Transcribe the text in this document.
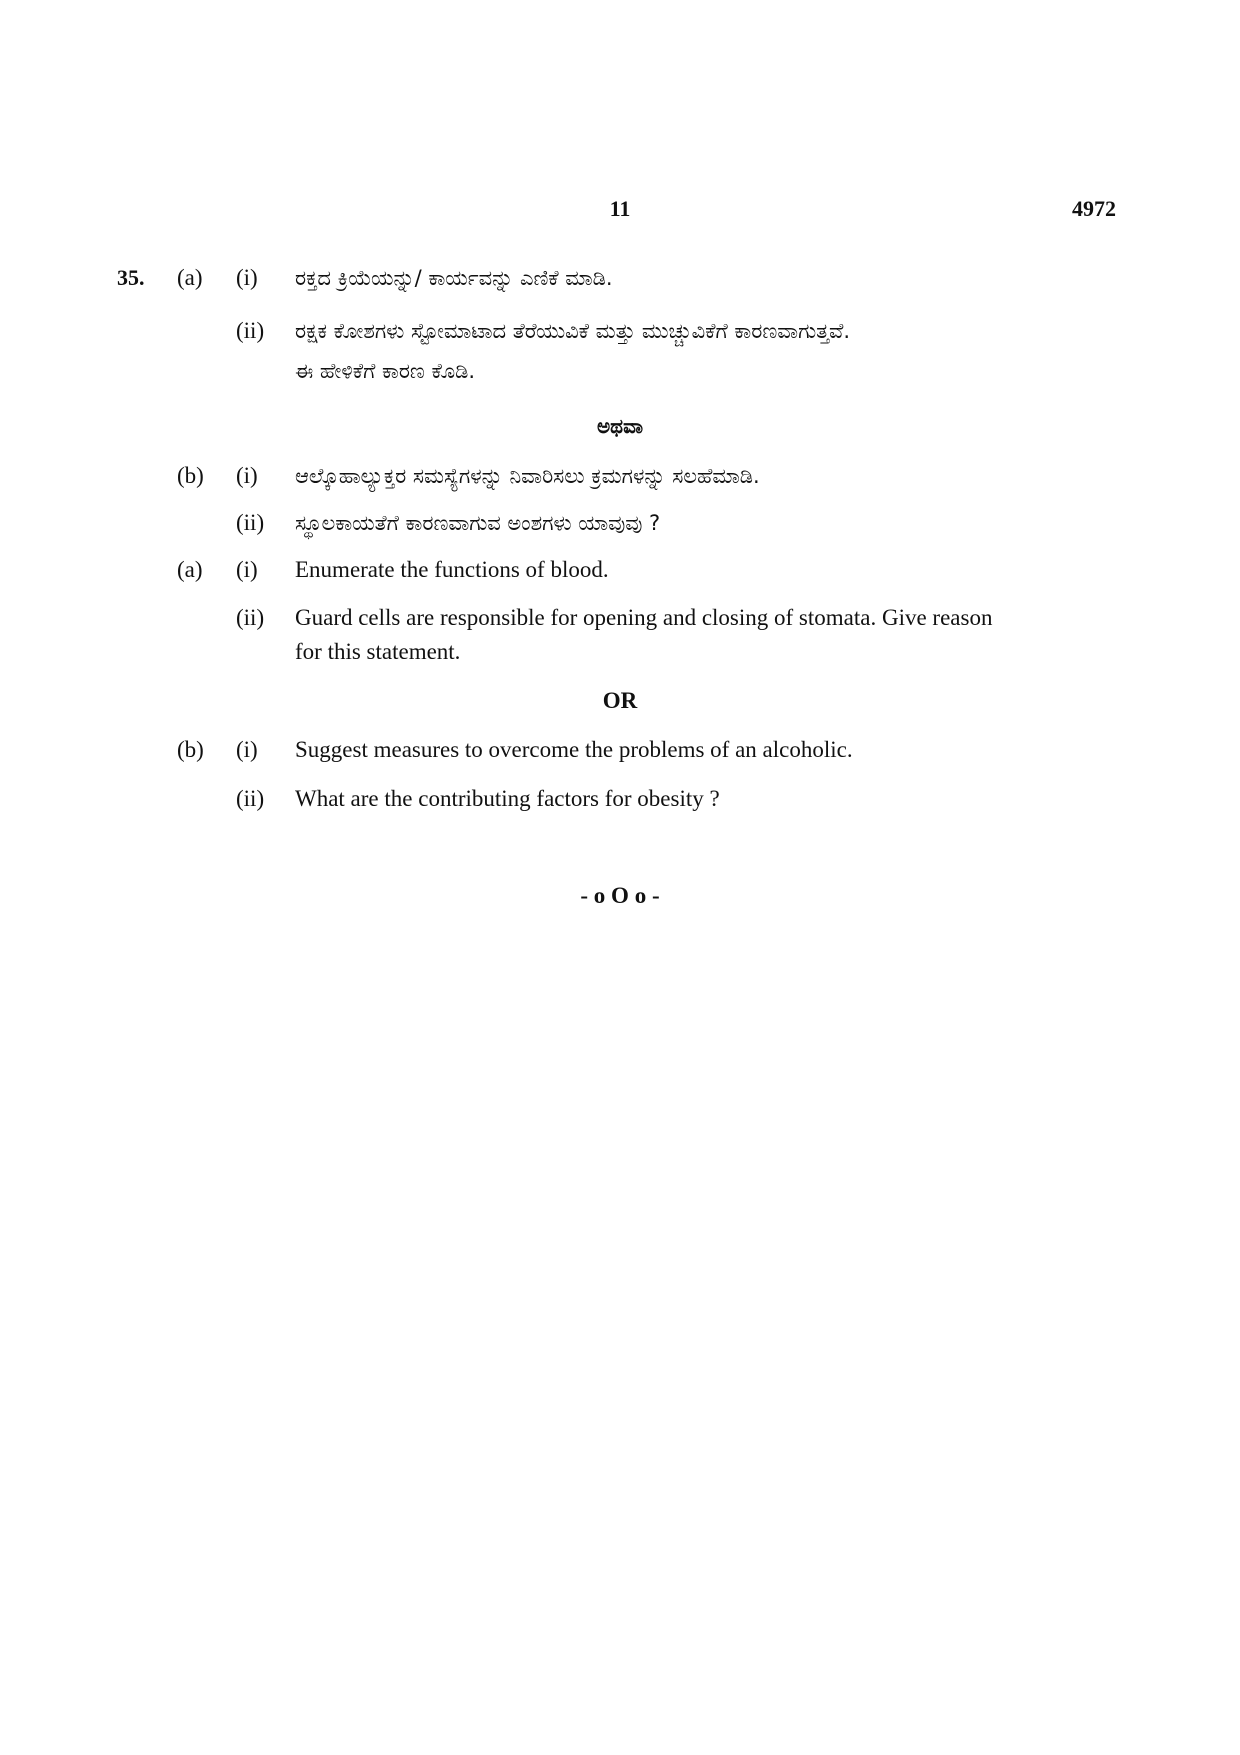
11	4972
35. (a) (i) ರಕ್ತದ ಕ್ರಿಯೆಯನ್ನು/ ಕಾರ್ಯವನ್ನು ಎಣಿಕೆ ಮಾಡಿ.
(ii) ರಕ್ಷಕ ಕೋಶಗಳು ಸ್ಟೋಮಾಟಾದ ತೆರೆಯುವಿಕೆ ಮತ್ತು ಮುಚ್ಚುವಿಕೆಗೆ ಕಾರಣವಾಗುತ್ತವೆ.
ಈ ಹೇಳಿಕೆಗೆ ಕಾರಣ ಕೊಡಿ.
ಅಥವಾ
(b) (i) ಆಲ್ಕೊಹಾಲ್ಯುಕ್ತರ ಸಮಸ್ಯೆಗಳನ್ನು ನಿವಾರಿಸಲು ಕ್ರಮಗಳನ್ನು ಸಲಹೆಮಾಡಿ.
(ii) ಸ್ಥೂಲಕಾಯತೆಗೆ ಕಾರಣವಾಗುವ ಅಂಶಗಳು ಯಾವುವು ?
(a) (i) Enumerate the functions of blood.
(ii) Guard cells are responsible for opening and closing of stomata. Give reason
for this statement.
OR
(b) (i) Suggest measures to overcome the problems of an alcoholic.
(ii) What are the contributing factors for obesity ?
- o O o -
